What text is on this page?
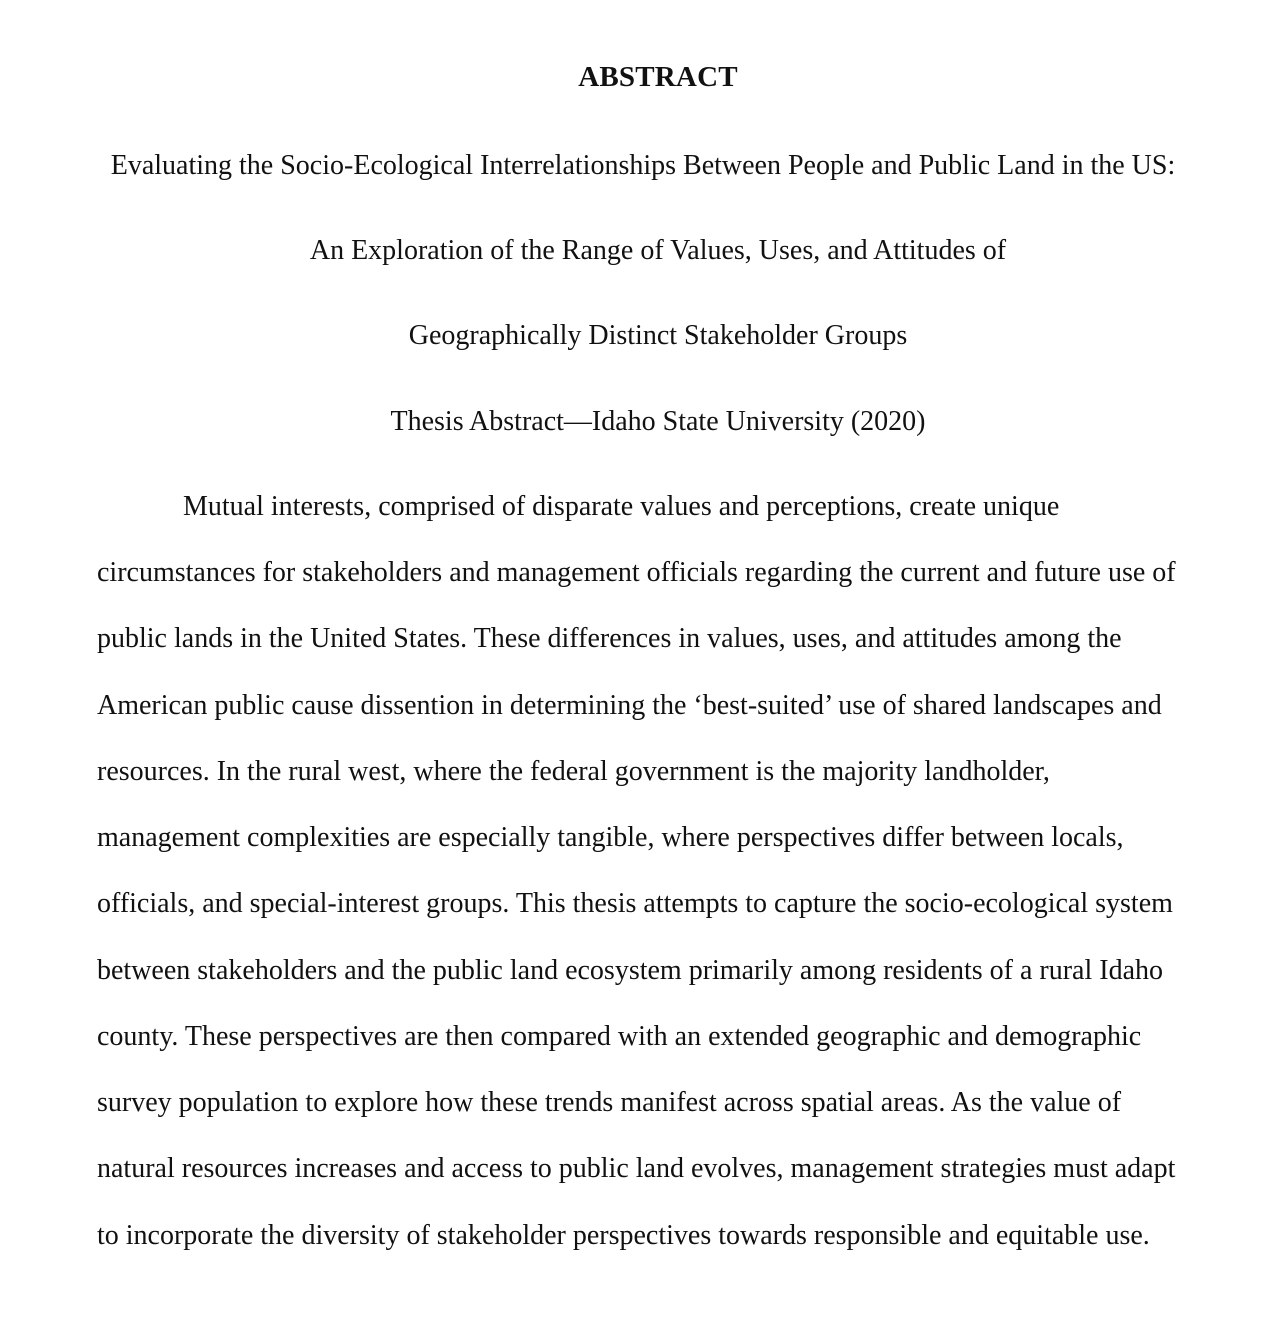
ABSTRACT
Evaluating the Socio-Ecological Interrelationships Between People and Public Land in the US:
An Exploration of the Range of Values, Uses, and Attitudes of
Geographically Distinct Stakeholder Groups
Thesis Abstract—Idaho State University (2020)
Mutual interests, comprised of disparate values and perceptions, create unique
circumstances for stakeholders and management officials regarding the current and future use of
public lands in the United States. These differences in values, uses, and attitudes among the
American public cause dissention in determining the ‘best-suited’ use of shared landscapes and
resources. In the rural west, where the federal government is the majority landholder,
management complexities are especially tangible, where perspectives differ between locals,
officials, and special-interest groups. This thesis attempts to capture the socio-ecological system
between stakeholders and the public land ecosystem primarily among residents of a rural Idaho
county. These perspectives are then compared with an extended geographic and demographic
survey population to explore how these trends manifest across spatial areas. As the value of
natural resources increases and access to public land evolves, management strategies must adapt
to incorporate the diversity of stakeholder perspectives towards responsible and equitable use.
